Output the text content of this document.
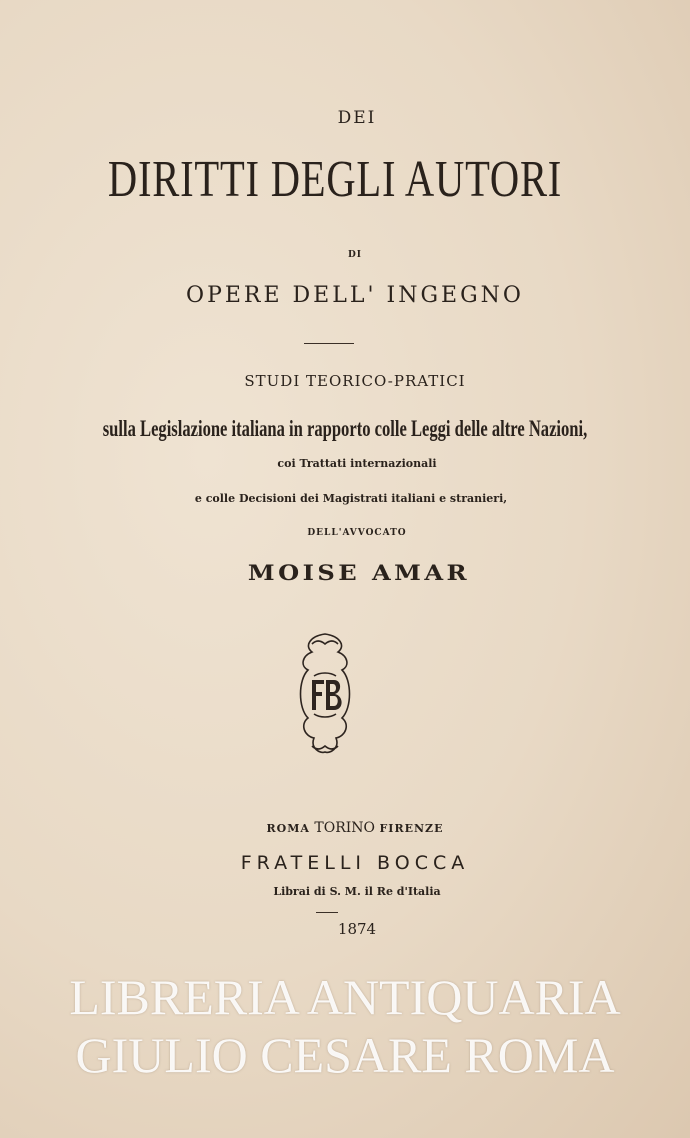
DEI
DIRITTI DEGLI AUTORI
DI
OPERE DELL' INGEGNO
STUDI TEORICO-PRATICI
sulla Legislazione italiana in rapporto colle Leggi delle altre Nazioni,
coi Trattati internazionali
e colle Decisioni dei Magistrati italiani e stranieri,
DELL'AVVOCATO
MOISE AMAR
ROMA TORINO FIRENZE
FRATELLI BOCCA
Librai di S. M. il Re d'Italia
1874
LIBRERIA ANTIQUARIA GIULIO CESARE ROMA
